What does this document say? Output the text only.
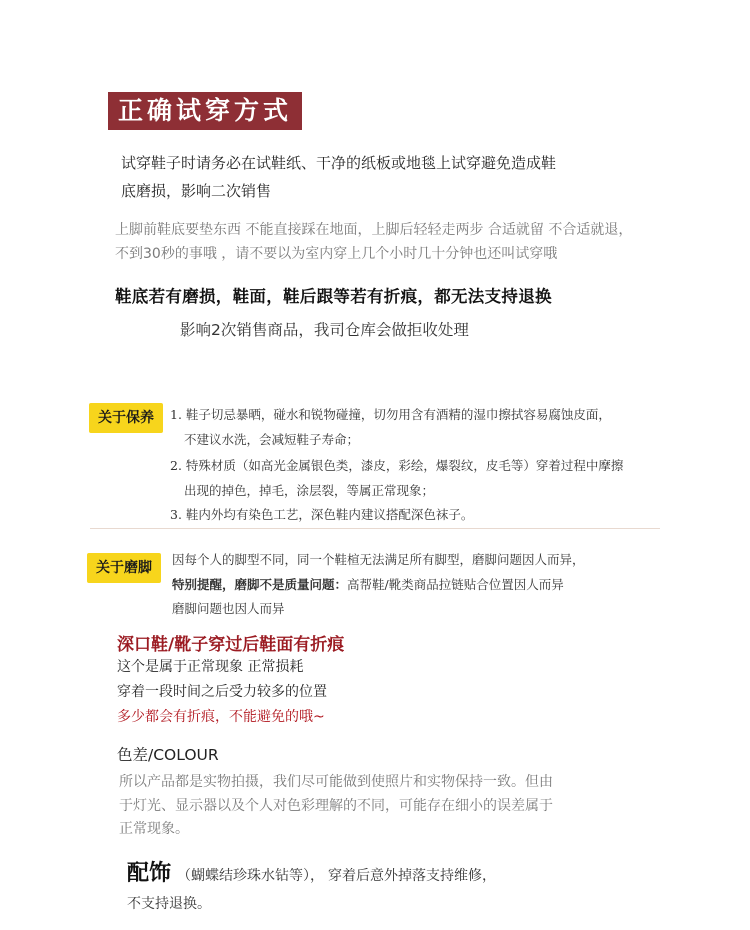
正确试穿方式
试穿鞋子时请务必在试鞋纸、干净的纸板或地毯上试穿避免造成鞋
底磨损，影响二次销售
上脚前鞋底要垫东西 不能直接踩在地面，上脚后轻轻走两步 合适就留 不合适就退，
不到30秒的事哦 ，请不要以为室内穿上几个小时几十分钟也还叫试穿哦
鞋底若有磨损，鞋面，鞋后跟等若有折痕，都无法支持退换
影响2次销售商品，我司仓库会做拒收处理
关于保养	1. 鞋子切忌暴晒，碰水和锐物碰撞，切勿用含有酒精的湿巾擦拭容易腐蚀皮面，
不建议水洗，会减短鞋子寿命；
2. 特殊材质（如高光金属银色类，漆皮，彩绘，爆裂纹，皮毛等）穿着过程中摩擦
出现的掉色，掉毛，涂层裂，等属正常现象；
3. 鞋内外均有染色工艺，深色鞋内建议搭配深色袜子。
关于磨脚
因每个人的脚型不同，同一个鞋楦无法满足所有脚型，磨脚问题因人而异，
特别提醒，磨脚不是质量问题：高帮鞋/靴类商品拉链贴合位置因人而异
磨脚问题也因人而异
深口鞋/靴子穿过后鞋面有折痕
这个是属于正常现象 正常损耗
穿着一段时间之后受力较多的位置
多少都会有折痕，不能避免的哦~
色差/COLOUR
所以产品都是实物拍摄，我们尽可能做到使照片和实物保持一致。但由
于灯光、显示器以及个人对色彩理解的不同，可能存在细小的误差属于
正常现象。
配饰 （蝴蝶结珍珠水钻等）， 穿着后意外掉落支持维修，
不支持退换。
